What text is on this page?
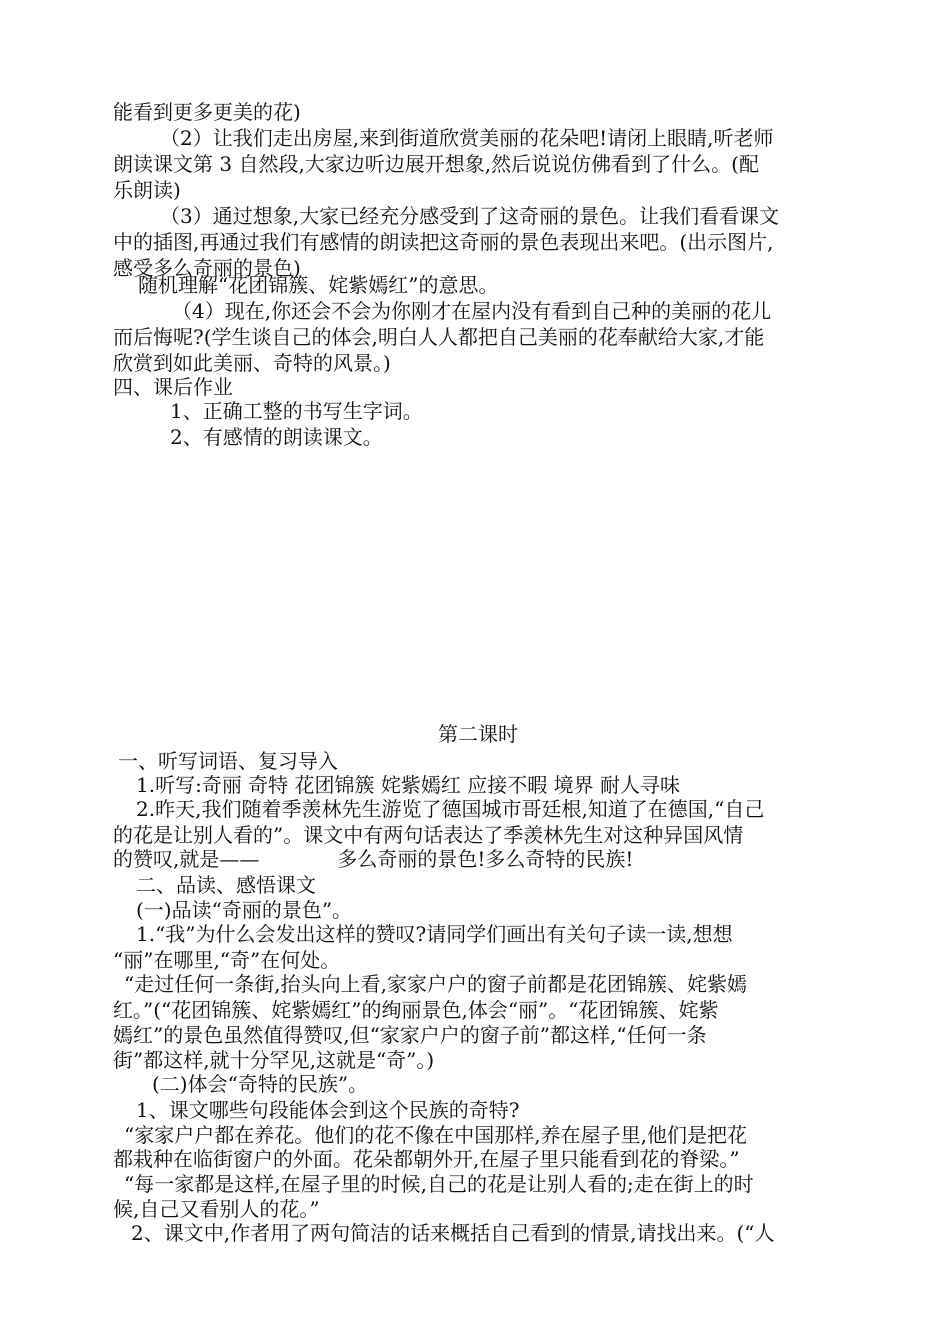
能看到更多更美的花)
（2）让我们走出房屋,来到街道欣赏美丽的花朵吧!请闭上眼睛,听老师
朗读课文第 3 自然段,大家边听边展开想象,然后说说仿佛看到了什么。(配
乐朗读)
（3）通过想象,大家已经充分感受到了这奇丽的景色。让我们看看课文
中的插图,再通过我们有感情的朗读把这奇丽的景色表现出来吧。(出示图片,
感受多么奇丽的景色)
随机理解“花团锦簇、姹紫嫣红”的意思。
（4）现在,你还会不会为你刚才在屋内没有看到自己种的美丽的花儿
而后悔呢?(学生谈自己的体会,明白人人都把自己美丽的花奉献给大家,才能
欣赏到如此美丽、奇特的风景。)
四、课后作业
1、正确工整的书写生字词。
2、有感情的朗读课文。
第二课时
一、听写词语、复习导入
1.听写:奇丽 奇特 花团锦簇 姹紫嫣红 应接不暇 境界 耐人寻味
2.昨天,我们随着季羡林先生游览了德国城市哥廷根,知道了在德国,“自己
的花是让别人看的”。课文中有两句话表达了季羡林先生对这种异国风情
的赞叹,就是——	多么奇丽的景色!多么奇特的民族!
二、品读、感悟课文
(一)品读“奇丽的景色”。
1.“我”为什么会发出这样的赞叹?请同学们画出有关句子读一读,想想
“丽”在哪里,“奇”在何处。
“走过任何一条街,抬头向上看,家家户户的窗子前都是花团锦簇、姹紫嫣
红。”(“花团锦簇、姹紫嫣红”的绚丽景色,体会“丽”。“花团锦簇、姹紫
嫣红”的景色虽然值得赞叹,但“家家户户的窗子前”都这样,“任何一条
街”都这样,就十分罕见,这就是“奇”。)
(二)体会“奇特的民族”。
1、课文哪些句段能体会到这个民族的奇特?
“家家户户都在养花。他们的花不像在中国那样,养在屋子里,他们是把花
都栽种在临街窗户的外面。花朵都朝外开,在屋子里只能看到花的脊梁。”
“每一家都是这样,在屋子里的时候,自己的花是让别人看的;走在街上的时
候,自己又看别人的花。”
2、课文中,作者用了两句简洁的话来概括自己看到的情景,请找出来。(“人
